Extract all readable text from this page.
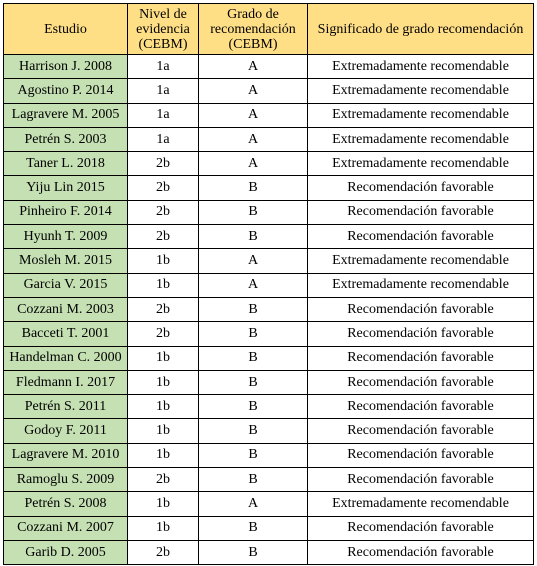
Estudio	Nivel de evidencia (CEBM)	Grado de recomendación (CEBM)	Significado de grado recomendación
Harrison J. 2008	1a	A	Extremadamente recomendable
Agostino P. 2014	1a	A	Extremadamente recomendable
Lagravere M. 2005	1a	A	Extremadamente recomendable
Petrén S. 2003	1a	A	Extremadamente recomendable
Taner L. 2018	2b	A	Extremadamente recomendable
Yiju Lin 2015	2b	B	Recomendación favorable
Pinheiro F. 2014	2b	B	Recomendación favorable
Hyunh T. 2009	2b	B	Recomendación favorable
Mosleh M. 2015	1b	A	Extremadamente recomendable
Garcia V. 2015	1b	A	Extremadamente recomendable
Cozzani M. 2003	2b	B	Recomendación favorable
Bacceti T. 2001	2b	B	Recomendación favorable
Handelman C. 2000	1b	B	Recomendación favorable
Fledmann I. 2017	1b	B	Recomendación favorable
Petrén S. 2011	1b	B	Recomendación favorable
Godoy F. 2011	1b	B	Recomendación favorable
Lagravere M. 2010	1b	B	Recomendación favorable
Ramoglu S. 2009	2b	B	Recomendación favorable
Petrén S. 2008	1b	A	Extremadamente recomendable
Cozzani M. 2007	1b	B	Recomendación favorable
Garib D. 2005	2b	B	Recomendación favorable
